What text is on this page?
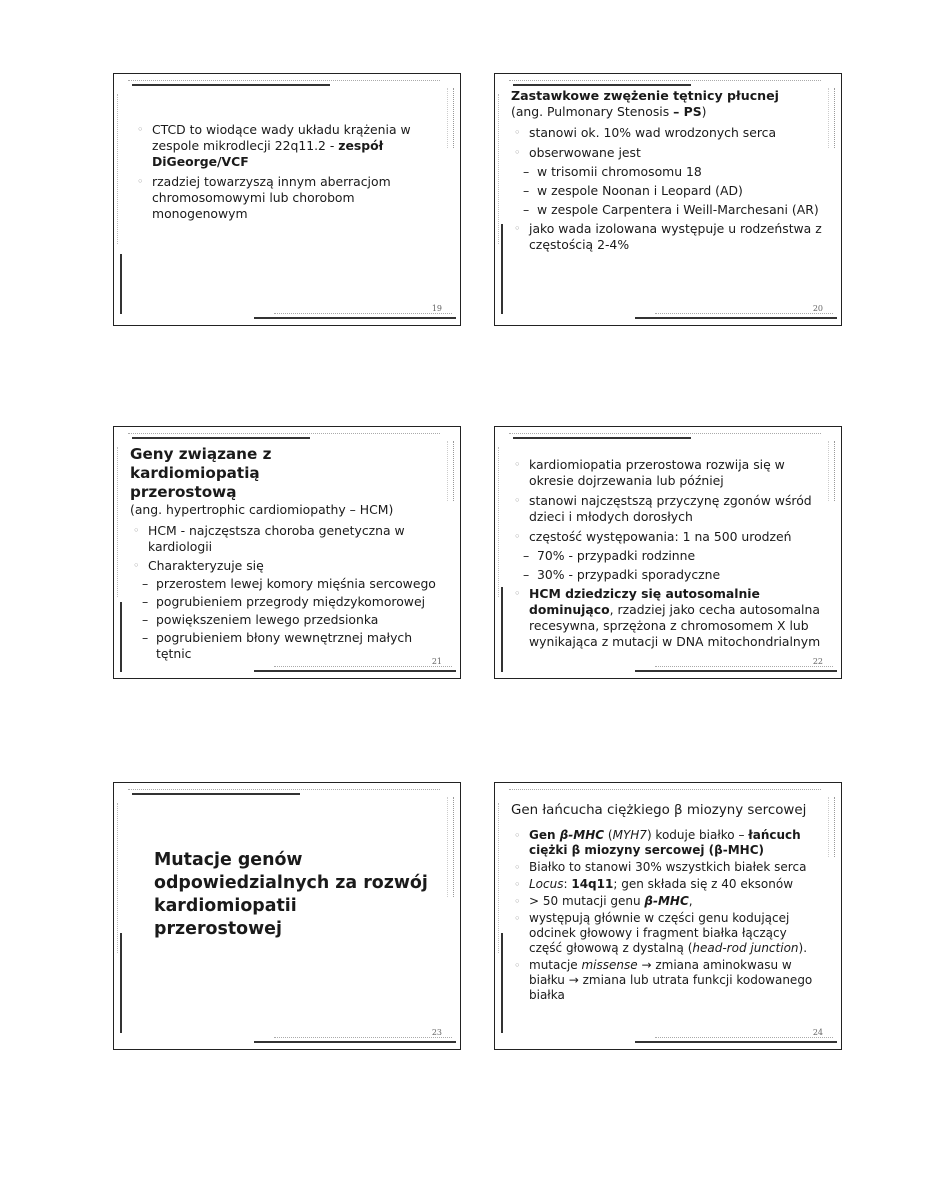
◦ CTCD to wiodące wady układu krążenia w zespole mikrodlecji 22q11.2 - zespół DiGeorge/VCF
◦ rzadziej towarzyszą innym aberracjom chromosomowymi lub chorobom monogenowym
19
Zastawkowe zwężenie tętnicy płucnej
(ang. Pulmonary Stenosis – PS)
◦ stanowi ok. 10% wad wrodzonych serca
◦ obserwowane jest
– w trisomii chromosomu 18
– w zespole Noonan i Leopard (AD)
– w zespole Carpentera i Weill-Marchesani (AR)
◦ jako wada izolowana występuje u rodzeństwa z częstością 2-4%
20
Geny związane z kardiomiopatią przerostową
(ang. hypertrophic cardiomiopathy – HCM)
◦ HCM - najczęstsza choroba genetyczna w kardiologii
◦ Charakteryzuje się
– przerostem lewej komory mięśnia sercowego
– pogrubieniem przegrody międzykomorowej
– powiększeniem lewego przedsionka
– pogrubieniem błony wewnętrznej małych tętnic
21
◦ kardiomiopatia przerostowa rozwija się w okresie dojrzewania lub później
◦ stanowi najczęstszą przyczynę zgonów wśród dzieci i młodych dorosłych
◦ częstość występowania: 1 na 500 urodzeń
– 70% - przypadki rodzinne
– 30% - przypadki sporadyczne
◦ HCM dziedziczy się autosomalnie dominująco, rzadziej jako cecha autosomalna recesywna, sprzężona z chromosomem X lub wynikająca z mutacji w DNA mitochondrialnym
22
Mutacje genów odpowiedzialnych za rozwój kardiomiopatii przerostowej
23
Gen łańcucha ciężkiego β miozyny sercowej
◦ Gen β-MHC (MYH7) koduje białko – łańcuch ciężki β miozyny sercowej (β-MHC)
◦ Białko to stanowi 30% wszystkich białek serca
◦ Locus: 14q11; gen składa się z 40 eksonów
◦ > 50 mutacji genu β-MHC,
◦ występują głównie w części genu kodującej odcinek głowowy i fragment białka łączący część głowową z dystalną (head-rod junction).
◦ mutacje missense → zmiana aminokwasu w białku → zmiana lub utrata funkcji kodowanego białka
24
